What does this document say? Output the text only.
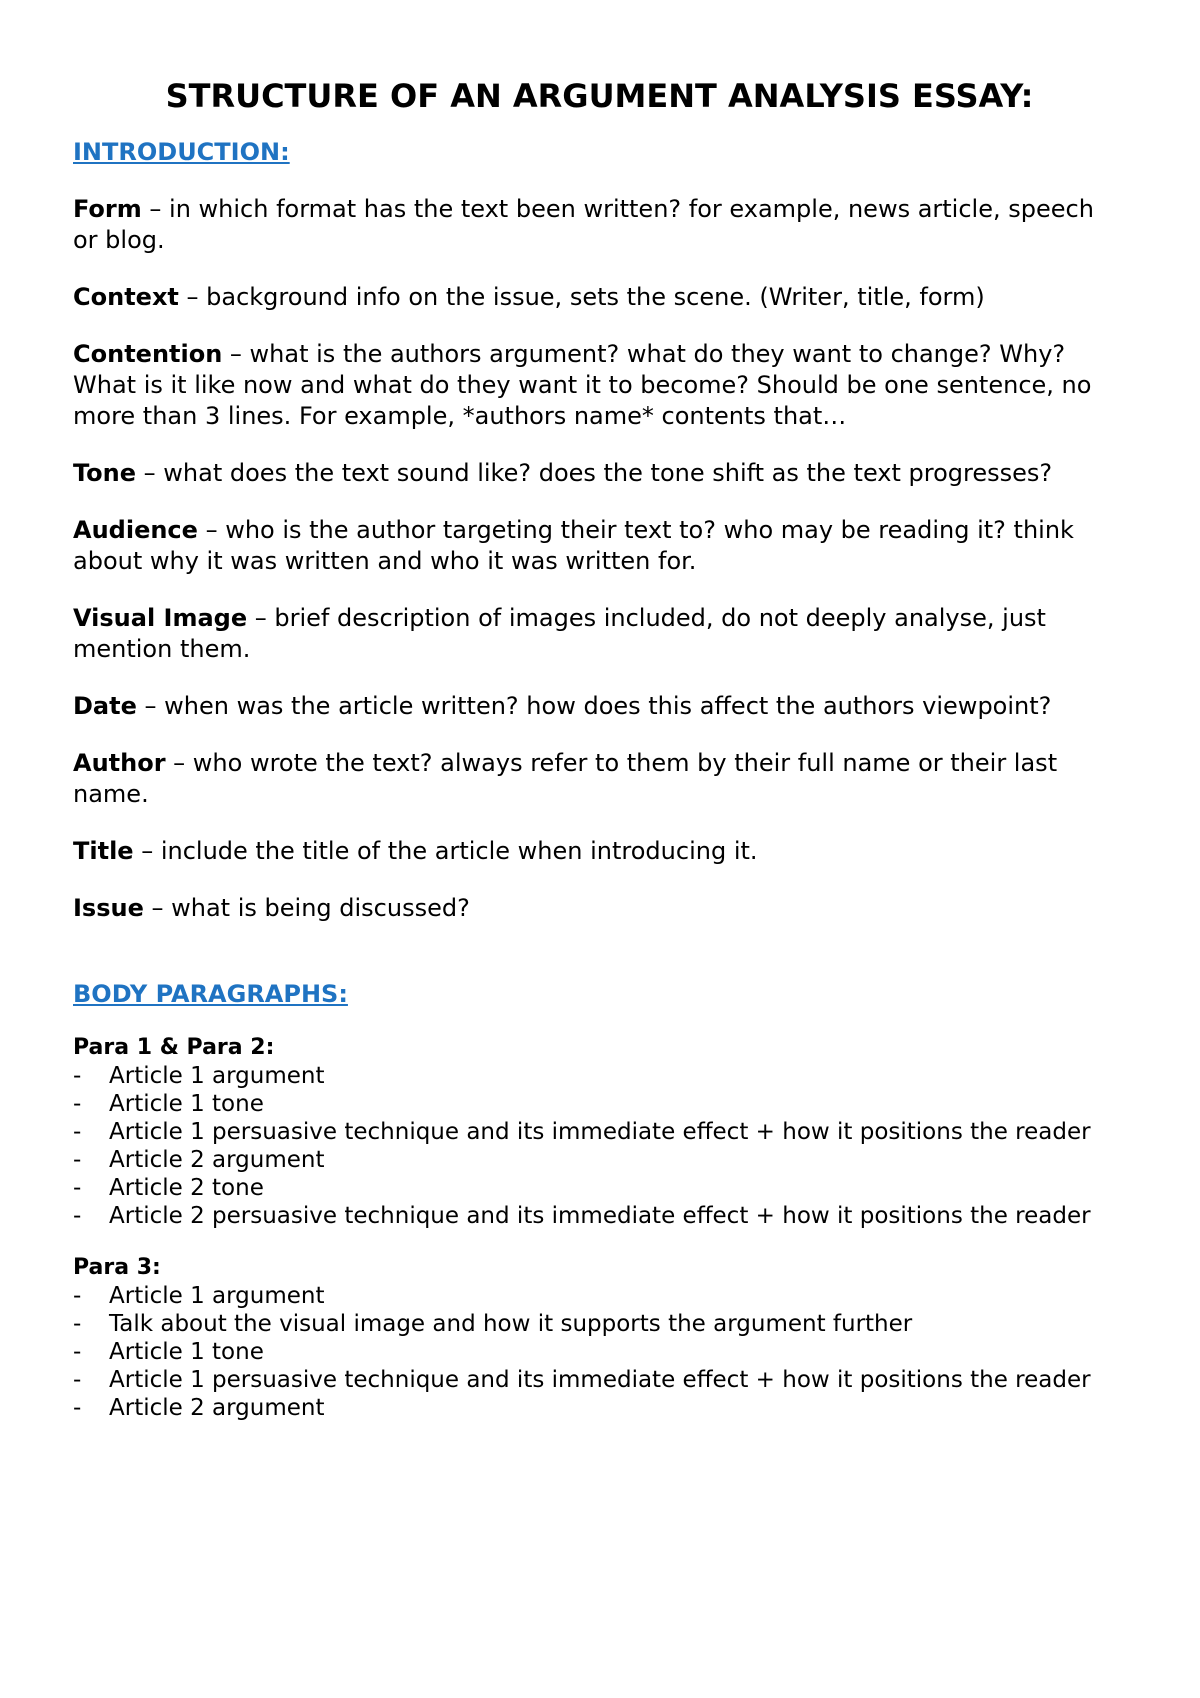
STRUCTURE OF AN ARGUMENT ANALYSIS ESSAY:
INTRODUCTION:

Form – in which format has the text been written? for example, news article, speech or blog.

Context – background info on the issue, sets the scene. (Writer, title, form)

Contention – what is the authors argument? what do they want to change? Why? What is it like now and what do they want it to become? Should be one sentence, no more than 3 lines. For example, *authors name* contents that…

Tone – what does the text sound like? does the tone shift as the text progresses?

Audience – who is the author targeting their text to? who may be reading it? think about why it was written and who it was written for.

Visual Image – brief description of images included, do not deeply analyse, just mention them.

Date – when was the article written? how does this affect the authors viewpoint?

Author – who wrote the text? always refer to them by their full name or their last name.

Title – include the title of the article when introducing it.

Issue – what is being discussed?

BODY PARAGRAPHS:

Para 1 & Para 2:

- Article 1 argument
- Article 1 tone
- Article 1 persuasive technique and its immediate effect + how it positions the reader
- Article 2 argument
- Article 2 tone
- Article 2 persuasive technique and its immediate effect + how it positions the reader

Para 3:

- Article 1 argument
- Talk about the visual image and how it supports the argument further
- Article 1 tone
- Article 1 persuasive technique and its immediate effect + how it positions the reader
- Article 2 argument
